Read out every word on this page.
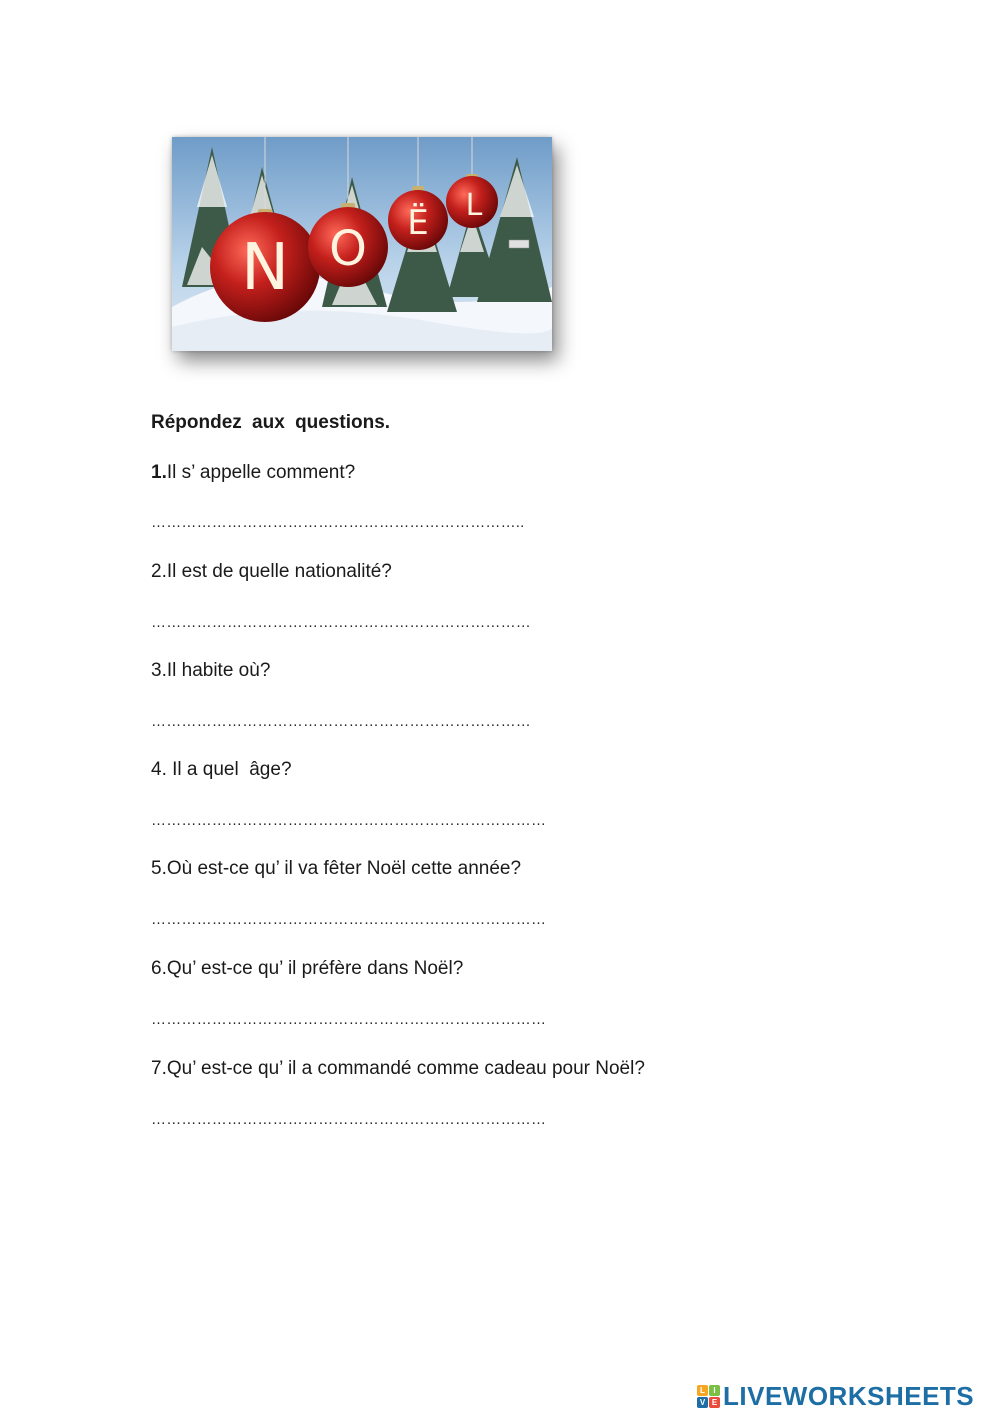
N O Ë L
Répondez aux questions.
1.Il s’ appelle comment?
………………………………………………………………..
2.Il est de quelle nationalité?
…………………………………………………………………
3.Il habite où?
…………………………………………………………………
4. Il a quel  âge?
……………………………………………………………………
5.Où est-ce qu’ il va fêter Noël cette année?
……………………………………………………………………
6.Qu’ est-ce qu’ il préfère dans Noël?
……………………………………………………………………
7.Qu’ est-ce qu’ il a commandé comme cadeau pour Noël?
……………………………………………………………………
L	I
V E LIVEWORKSHEETS
